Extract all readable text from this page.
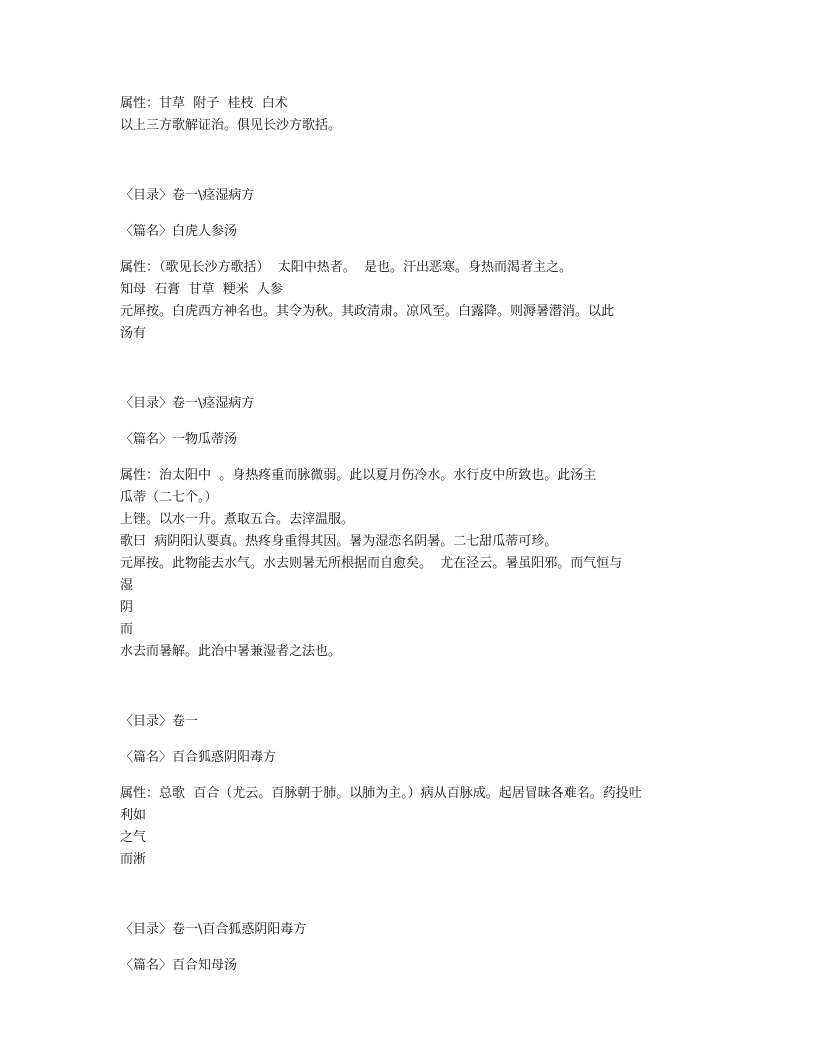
属性：甘草  附子  桂枝  白术
以上三方歌解证治。俱见长沙方歌括。
〈目录〉卷一\痉湿病方
〈篇名〉白虎人参汤
属性：（歌见长沙方歌括）  太阳中热者。  是也。汗出恶寒。身热而渴者主之。
知母  石膏  甘草  粳米  人参
元犀按。白虎西方神名也。其令为秋。其政清肃。凉风至。白露降。则溽暑潜消。以此
汤有
〈目录〉卷一\痉湿病方
〈篇名〉一物瓜蒂汤
属性：治太阳中  。身热疼重而脉微弱。此以夏月伤冷水。水行皮中所致也。此汤主
瓜蒂（二七个。）
上锉。以水一升。煮取五合。去滓温服。
歌曰  病阴阳认要真。热疼身重得其因。暑为湿恋名阴暑。二七甜瓜蒂可珍。
元犀按。此物能去水气。水去则暑无所根据而自愈矣。  尤在泾云。暑虽阳邪。而气恒与
湿
阴
而
水去而暑解。此治中暑兼湿者之法也。
〈目录〉卷一
〈篇名〉百合狐惑阴阳毒方
属性：总歌  百合（尤云。百脉朝于肺。以肺为主。）病从百脉成。起居冒昧各难名。药投吐
利如
之气
而淅
〈目录〉卷一\百合狐惑阴阳毒方
〈篇名〉百合知母汤
